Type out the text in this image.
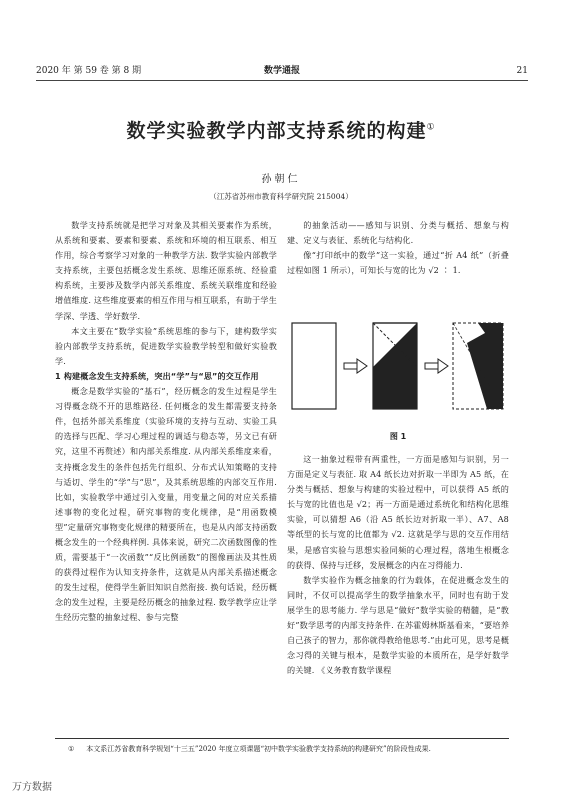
2020 年 第 59 卷 第 8 期	数学通报	21
数学实验教学内部支持系统的构建①
孙朝仁
（江苏省苏州市教育科学研究院 215004）

数学支持系统就是把学习对象及其相关要素作为系统，从系统和要素、要素和要素、系统和环境的相互联系、相互作用，综合考察学习对象的一种教学方法. 数学实验内部教学支持系统，主要包括概念发生系统、思维还原系统、经验重构系统，主要涉及数学内部关系维度、系统关联维度和经验增值维度. 这些维度要素的相互作用与相互联系，有助于学生学深、学透、学好数学.

本文主要在“数学实验”系统思维的参与下，建构数学实验内部教学支持系统，促进数学实验教学转型和做好实验教学.

1 构建概念发生支持系统，突出“学”与“思”的交互作用

概念是数学实验的“基石”，经历概念的发生过程是学生习得概念绕不开的思维路径. 任何概念的发生都需要支持条件，包括外部关系维度（实验环境的支持与互动、实验工具的选择与匹配、学习心理过程的调适与稳态等，另文已有研究，这里不再赘述）和内部关系维度. 从内部关系维度来看，支持概念发生的条件包括先行组织、分布式认知策略的支持与适切、学生的“学”与“思”，及其系统思维的内部交互作用. 比如，实验教学中通过引入变量，用变量之间的对应关系描述事物的变化过程，研究事物的变化规律，是“用函数模型”定量研究事物变化规律的精要所在，也是从内部支持函数概念发生的一个经典样例. 具体来说，研究二次函数图像的性质，需要基于“一次函数”“反比例函数”的图像画法及其性质的获得过程作为认知支持条件，这就是从内部关系描述概念的发生过程，使得学生新旧知识自然衔接. 换句话说，经历概念的发生过程，主要是经历概念的抽象过程. 数学教学应让学生经历完整的抽象过程、参与完整

的抽象活动——感知与识别、分类与概括、想象与构建、定义与表征、系统化与结构化.

像“打印纸中的数学”这一实验，通过“折 A4 纸”（折叠过程如图 1 所示），可知长与宽的比为 √2 ∶ 1.

图 1

这一抽象过程带有两重性，一方面是感知与识别，另一方面是定义与表征. 取 A4 纸长边对折取一半即为 A5 纸，在分类与概括、想象与构建的实验过程中，可以获得 A5 纸的长与宽的比值也是 √2；再一方面是通过系统化和结构化思维实验，可以猜想 A6（沿 A5 纸长边对折取一半）、A7、A8 等纸型的长与宽的比值都为 √2. 这就是学与思的交互作用结果，是感官实验与思想实验同频的心理过程，落地生根概念的获得、保持与迁移，发展概念的内在习得能力.

数学实验作为概念抽象的行为载体，在促进概念发生的同时，不仅可以提高学生的数学抽象水平，同时也有助于发展学生的思考能力. 学与思是“做好”数学实验的精髓，是“教好”数学思考的内部支持条件. 在苏霍姆林斯基看来，“要培养自己孩子的智力，那你就得教给他思考.”由此可见，思考是概念习得的关键与根本，是数学实验的本质所在，是学好数学的关键. 《义务教育数学课程

① 本文系江苏省教育科学规划“十三五”2020 年度立项课题“初中数学实验教学支持系统的构建研究”的阶段性成果.
万方数据
